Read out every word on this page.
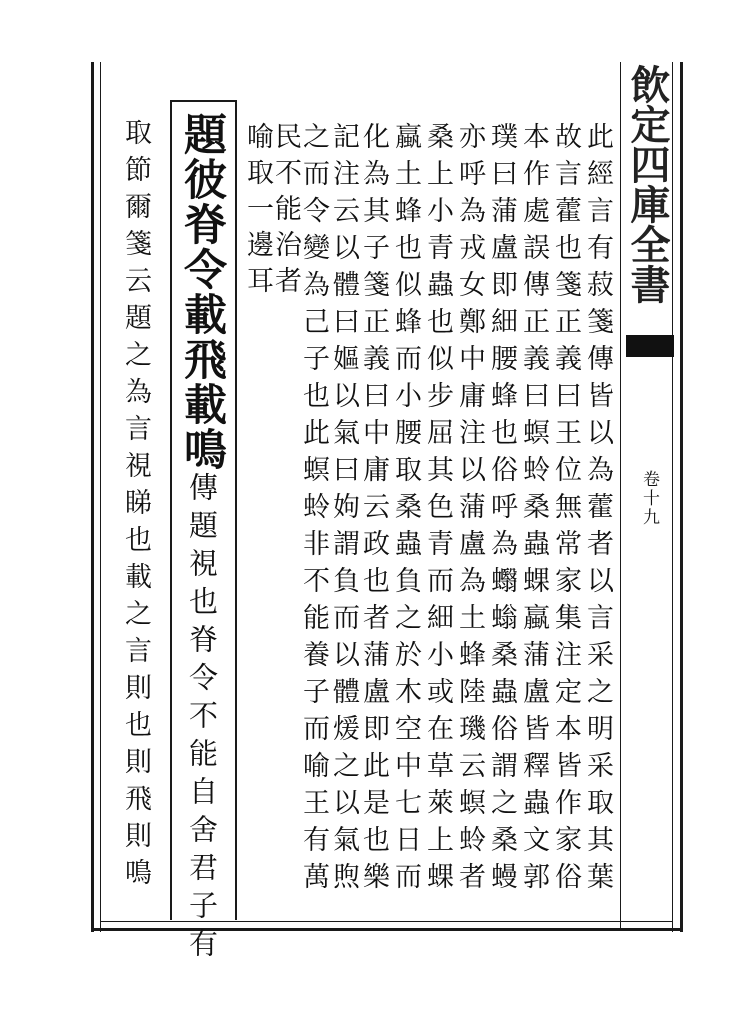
飲定四庫全書
卷十九
此經言有菽箋傳皆以為藿者以言采之明采取其葉
故言藿也箋正義曰王位無常家集注定本皆作家俗
本作處誤傳正義曰螟蛉桑蟲蜾蠃蒲盧皆釋蟲文郭
璞曰蒲盧即細腰蜂也俗呼為蠮螉桑蟲俗謂之桑蟃
亦呼為戎女鄭中庸注以蒲盧為土蜂陸璣云螟蛉者
桑上小青蟲也似步屈其色青而細小或在草萊上蜾
蠃土蜂也似蜂而小腰取桑蟲負之於木空中七日而
化為其子箋正義曰中庸云政也者蒲盧即此是也樂
記注云以體曰嫗以氣曰姁謂負而以體煖之以氣煦
之而令變為己子也此螟蛉非不能養子而喻王有萬
民不能治者
喻取一邊耳
題彼脊令載飛載鳴傳題視也脊令不能自舍君子有
取節爾箋云題之為言視睇也載之言則也則飛則鳴
